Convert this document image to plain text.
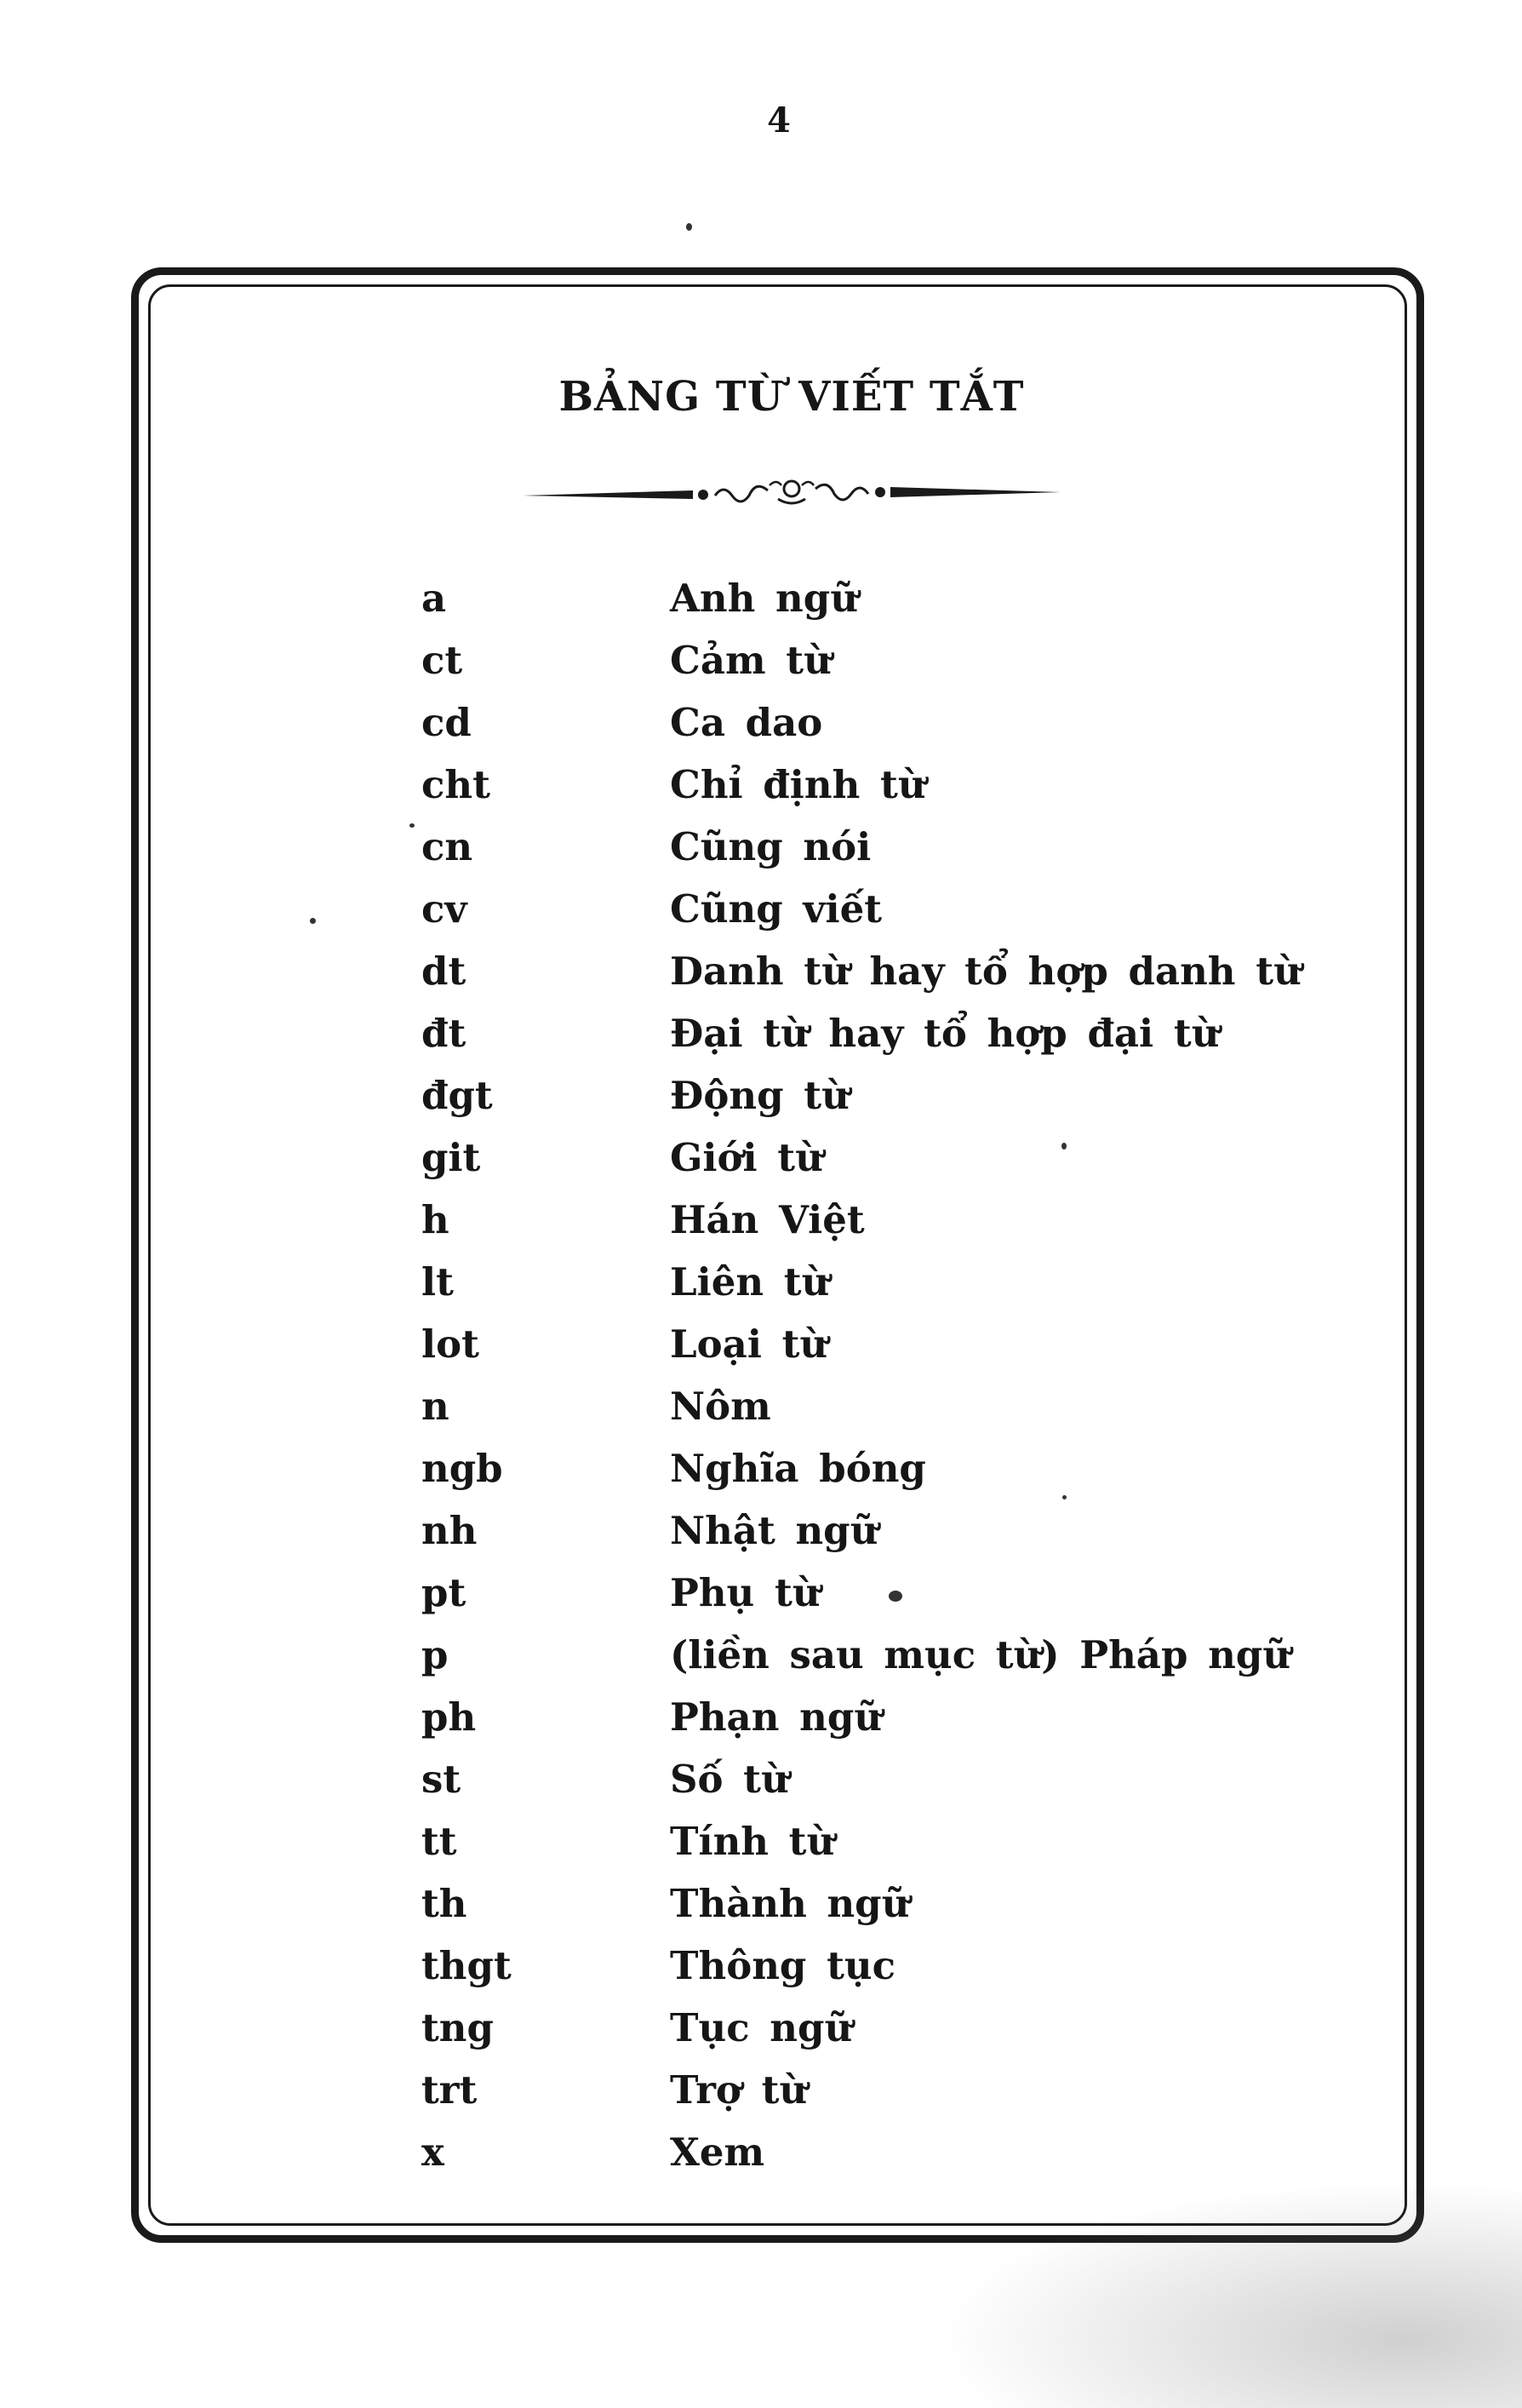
4
BẢNG TỪ VIẾT TẮT
a	Anh ngữ
ct	Cảm từ
cd	Ca dao
cht	Chỉ định từ
cn	Cũng nói
cv	Cũng viết
dt	Danh từ hay tổ hợp danh từ
đt	Đại từ hay tổ hợp đại từ
đgt	Động từ
git	Giới từ
h	Hán Việt
lt	Liên từ
lot	Loại từ
n	Nôm
ngb	Nghĩa bóng
nh	Nhật ngữ
pt	Phụ từ
p	(liền sau mục từ) Pháp ngữ
ph	Phạn ngữ
st	Số từ
tt	Tính từ
th	Thành ngữ
thgt	Thông tục
tng	Tục ngữ
trt	Trợ từ
x	Xem
